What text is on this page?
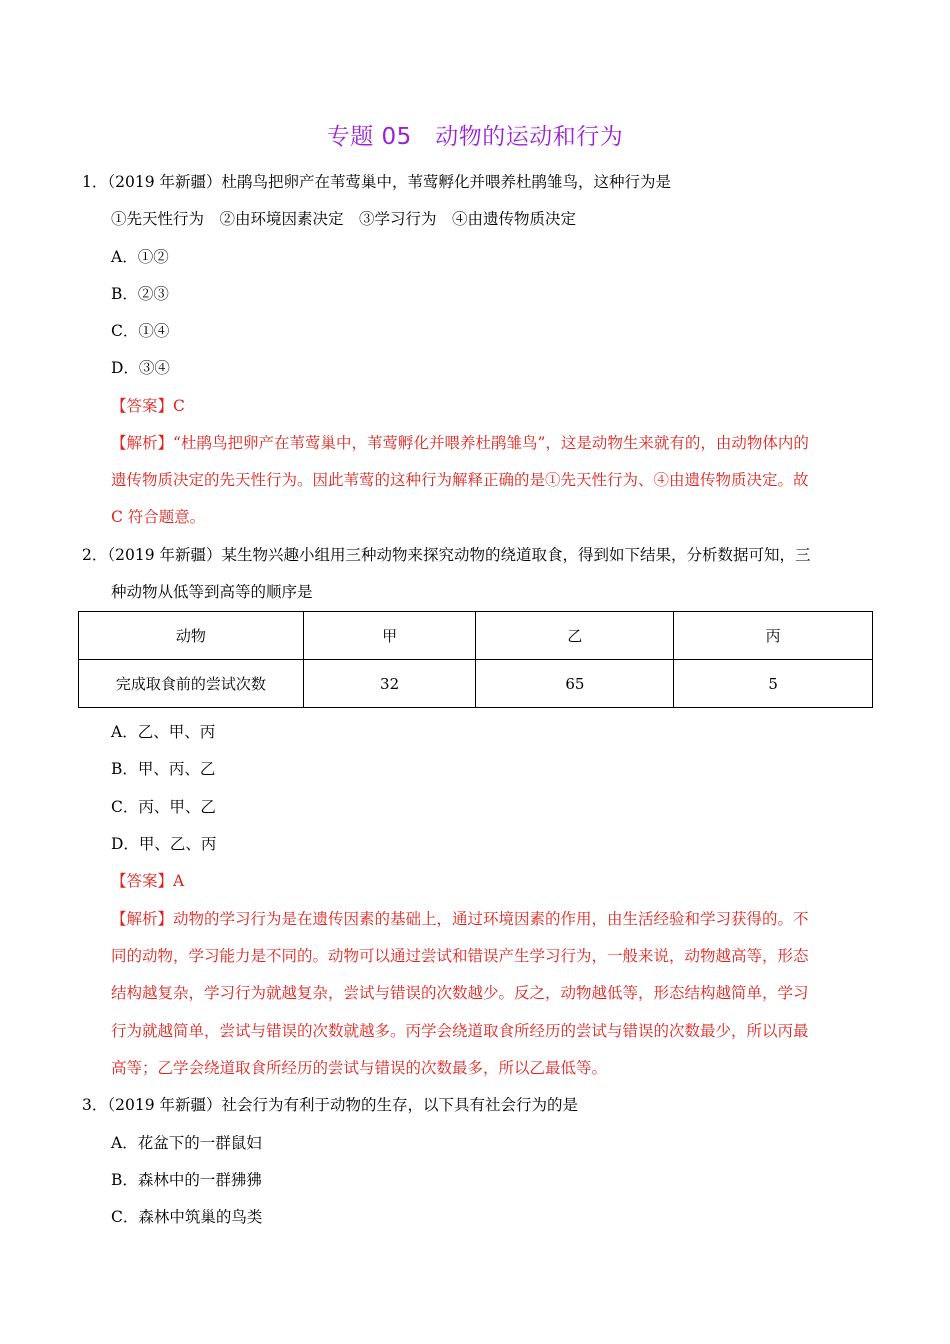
专题 05　动物的运动和行为
1．（2019 年新疆）杜鹃鸟把卵产在苇莺巢中，苇莺孵化并喂养杜鹃雏鸟，这种行为是
①先天性行为　②由环境因素决定　③学习行为　④由遗传物质决定
A．①②
B．②③
C．①④
D．③④
【答案】C
【解析】“杜鹃鸟把卵产在苇莺巢中，苇莺孵化并喂养杜鹃雏鸟”，这是动物生来就有的，由动物体内的
遗传物质决定的先天性行为。因此苇莺的这种行为解释正确的是①先天性行为、④由遗传物质决定。故
C 符合题意。
2．（2019 年新疆）某生物兴趣小组用三种动物来探究动物的绕道取食，得到如下结果，分析数据可知，三
种动物从低等到高等的顺序是
动物	甲	乙	丙
完成取食前的尝试次数	32	65	5
A．乙、甲、丙
B．甲、丙、乙
C．丙、甲、乙
D．甲、乙、丙
【答案】A
【解析】动物的学习行为是在遗传因素的基础上，通过环境因素的作用，由生活经验和学习获得的。不
同的动物，学习能力是不同的。动物可以通过尝试和错误产生学习行为，一般来说，动物越高等，形态
结构越复杂，学习行为就越复杂，尝试与错误的次数越少。反之，动物越低等，形态结构越简单，学习
行为就越简单，尝试与错误的次数就越多。丙学会绕道取食所经历的尝试与错误的次数最少，所以丙最
高等；乙学会绕道取食所经历的尝试与错误的次数最多，所以乙最低等。
3．（2019 年新疆）社会行为有利于动物的生存，以下具有社会行为的是
A．花盆下的一群鼠妇
B．森林中的一群狒狒
C．森林中筑巢的鸟类
